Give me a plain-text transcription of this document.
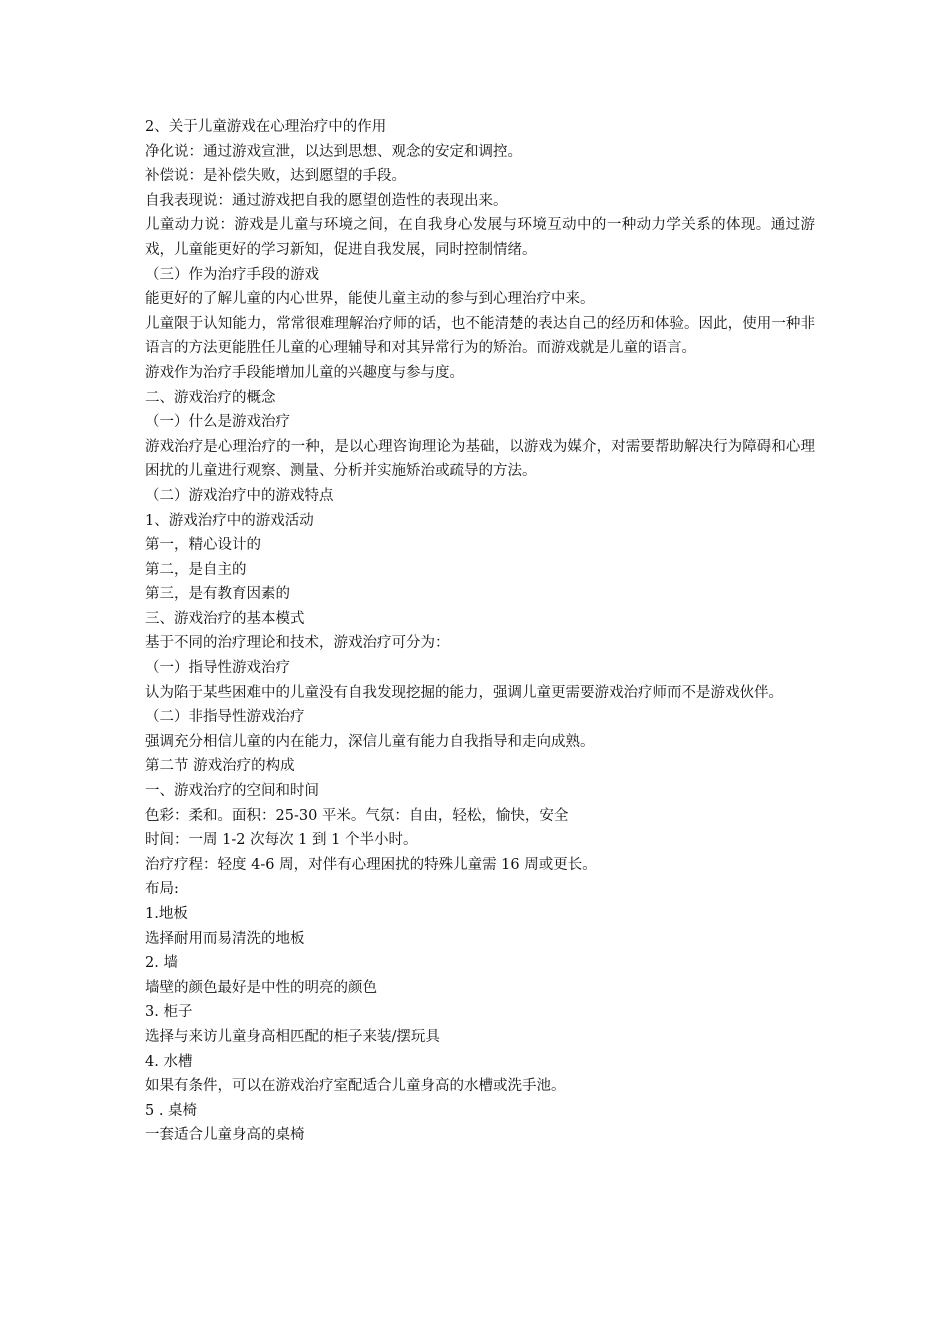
2、关于儿童游戏在心理治疗中的作用

净化说：通过游戏宣泄，以达到思想、观念的安定和调控。

补偿说：是补偿失败，达到愿望的手段。

自我表现说：通过游戏把自我的愿望创造性的表现出来。

儿童动力说：游戏是儿童与环境之间，在自我身心发展与环境互动中的一种动力学关系的体现。通过游戏，儿童能更好的学习新知，促进自我发展，同时控制情绪。

（三）作为治疗手段的游戏

能更好的了解儿童的内心世界，能使儿童主动的参与到心理治疗中来。

儿童限于认知能力，常常很难理解治疗师的话，也不能清楚的表达自己的经历和体验。因此，使用一种非语言的方法更能胜任儿童的心理辅导和对其异常行为的矫治。而游戏就是儿童的语言。

游戏作为治疗手段能增加儿童的兴趣度与参与度。

二、游戏治疗的概念

（一）什么是游戏治疗

游戏治疗是心理治疗的一种，是以心理咨询理论为基础，以游戏为媒介，对需要帮助解决行为障碍和心理困扰的儿童进行观察、测量、分析并实施矫治或疏导的方法。

（二）游戏治疗中的游戏特点

1、游戏治疗中的游戏活动

第一，精心设计的

第二，是自主的

第三，是有教育因素的

三、游戏治疗的基本模式

基于不同的治疗理论和技术，游戏治疗可分为：

（一）指导性游戏治疗

认为陷于某些困难中的儿童没有自我发现挖掘的能力，强调儿童更需要游戏治疗师而不是游戏伙伴。

（二）非指导性游戏治疗

强调充分相信儿童的内在能力，深信儿童有能力自我指导和走向成熟。

第二节 游戏治疗的构成

一、游戏治疗的空间和时间

色彩：柔和。面积：25-30 平米。气氛：自由，轻松，愉快，安全

时间：一周 1-2 次每次 1 到 1 个半小时。

治疗疗程：轻度 4-6 周，对伴有心理困扰的特殊儿童需 16 周或更长。

布局:

1.地板

选择耐用而易清洗的地板

2. 墙

墙壁的颜色最好是中性的明亮的颜色

3. 柜子

选择与来访儿童身高相匹配的柜子来装/摆玩具

4. 水槽

如果有条件，可以在游戏治疗室配适合儿童身高的水槽或洗手池。

5 . 桌椅

一套适合儿童身高的桌椅
